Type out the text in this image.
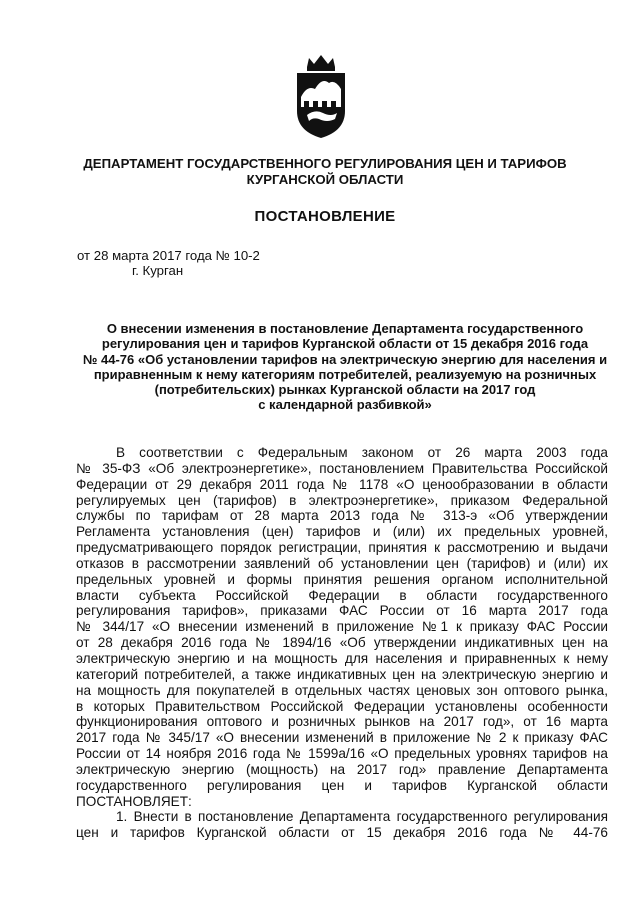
ДЕПАРТАМЕНТ ГОСУДАРСТВЕННОГО РЕГУЛИРОВАНИЯ ЦЕН И ТАРИФОВ
КУРГАНСКОЙ ОБЛАСТИ
ПОСТАНОВЛЕНИЕ
от 28 марта 2017 года № 10-2
г. Курган
О внесении изменения в постановление Департамента государственного
регулирования цен и тарифов Курганской области от 15 декабря 2016 года
№ 44-76 «Об установлении тарифов на электрическую энергию для населения и
приравненным к нему категориям потребителей, реализуемую на розничных
(потребительских) рынках Курганской области на 2017 год
с календарной разбивкой»
В соответствии с Федеральным законом от 26 марта 2003 года
№ 35-ФЗ «Об электроэнергетике», постановлением Правительства Российской
Федерации от 29 декабря 2011 года № 1178 «О ценообразовании в области
регулируемых цен (тарифов) в электроэнергетике», приказом Федеральной
службы по тарифам от 28 марта 2013 года № 313-э «Об утверждении
Регламента установления (цен) тарифов и (или) их предельных уровней,
предусматривающего порядок регистрации, принятия к рассмотрению и выдачи
отказов в рассмотрении заявлений об установлении цен (тарифов) и (или) их
предельных уровней и формы принятия решения органом исполнительной
власти субъекта Российской Федерации в области государственного
регулирования тарифов», приказами ФАС России от 16 марта 2017 года
№ 344/17 «О внесении изменений в приложение №1 к приказу ФАС России
от 28 декабря 2016 года № 1894/16 «Об утверждении индикативных цен на
электрическую энергию и на мощность для населения и приравненных к нему
категорий потребителей, а также индикативных цен на электрическую энергию и
на мощность для покупателей в отдельных частях ценовых зон оптового рынка,
в которых Правительством Российской Федерации установлены особенности
функционирования оптового и розничных рынков на 2017 год», от 16 марта
2017 года № 345/17 «О внесении изменений в приложение № 2 к приказу ФАС
России от 14 ноября 2016 года № 1599а/16 «О предельных уровнях тарифов на
электрическую энергию (мощность) на 2017 год» правление Департамента
государственного регулирования цен и тарифов Курганской области
ПОСТАНОВЛЯЕТ:
1. Внести в постановление Департамента государственного регулирования
цен и тарифов Курганской области от 15 декабря 2016 года № 44-76
